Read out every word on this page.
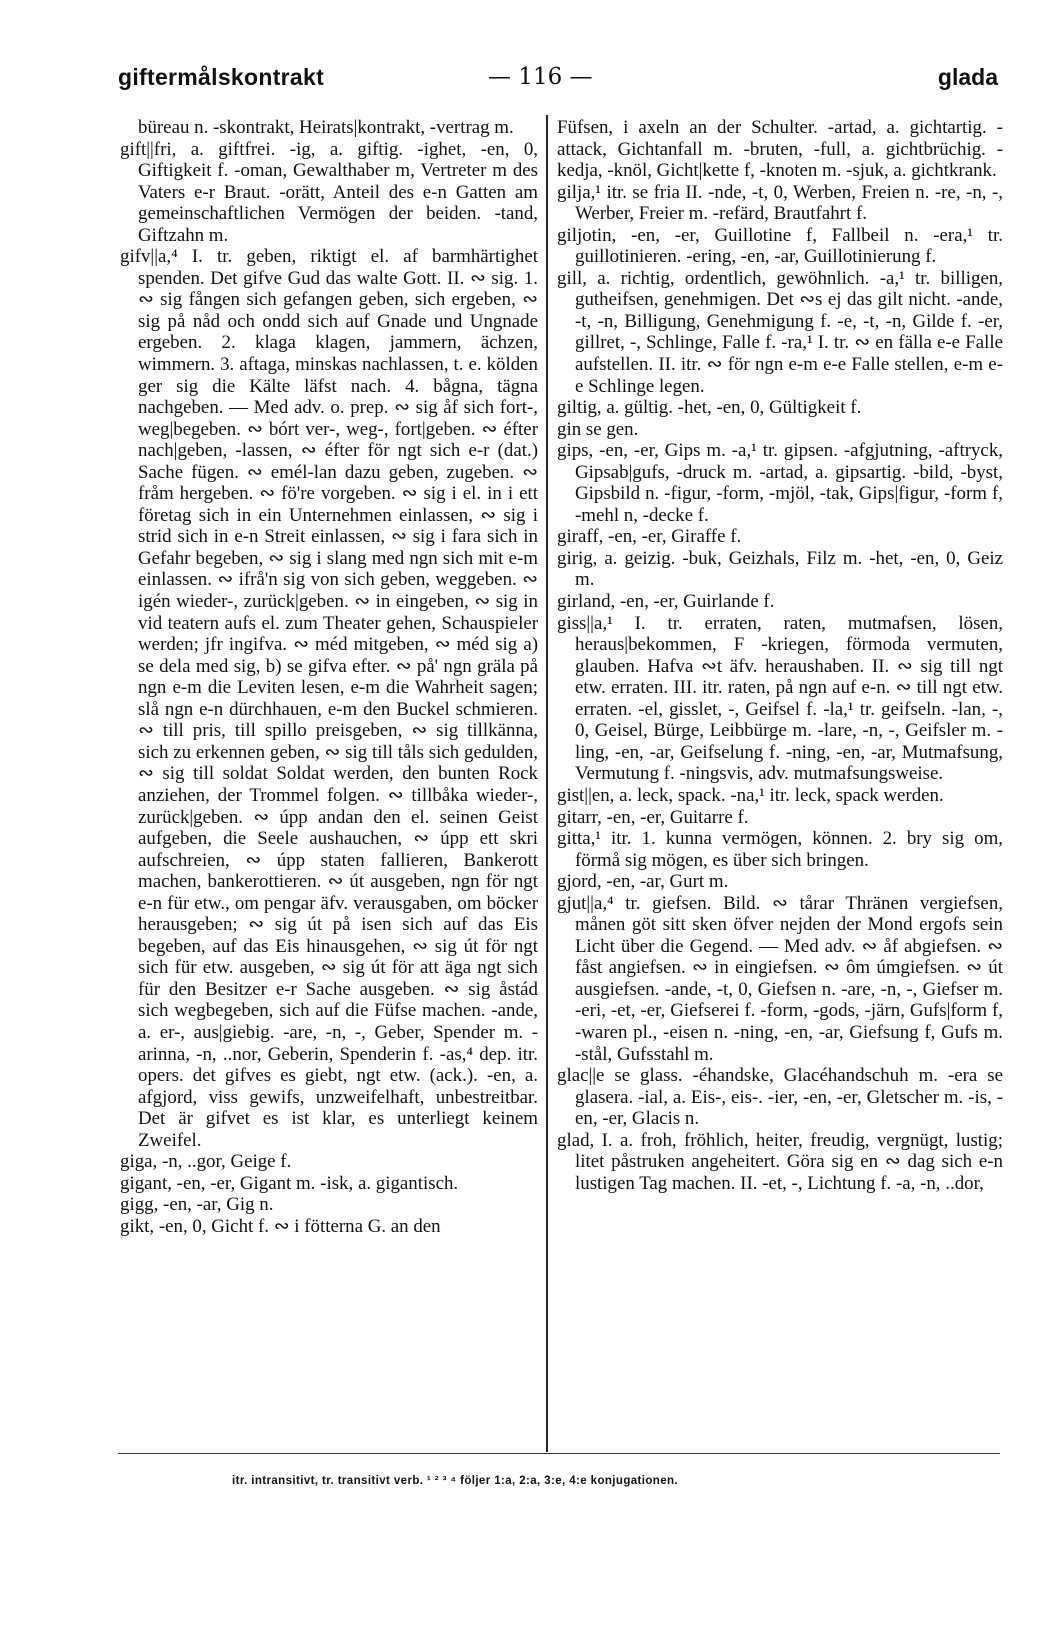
giftermålskontrakt	— 116 —	glada

büreau n. -skontrakt, Heirats|kontrakt, -vertrag m.

gift||fri, a. giftfrei. -ig, a. giftig. -ighet, -en, 0, Giftigkeit f. -oman, Gewalthaber m, Vertreter m des Vaters e-r Braut. -orätt, Anteil des e-n Gatten am gemeinschaftlichen Vermögen der beiden. -tand, Giftzahn m.

gifv||a,⁴ I. tr. geben, riktigt el. af barmhärtighet spenden. Det gifve Gud das walte Gott. II. ∾ sig. 1. ∾ sig fången sich gefangen geben, sich ergeben, ∾ sig på nåd och ondd sich auf Gnade und Ungnade ergeben. 2. klaga klagen, jammern, ächzen, wimmern. 3. aftaga, minskas nachlassen, t. e. kölden ger sig die Kälte läfst nach. 4. bågna, tägna nachgeben. — Med adv. o. prep. ∾ sig åf sich fort-, weg|begeben. ∾ bórt ver-, weg-, fort|geben. ∾ éfter nach|geben, -lassen, ∾ éfter för ngt sich e-r (dat.) Sache fügen. ∾ emél-lan dazu geben, zugeben. ∾ fråm hergeben. ∾ fö're vorgeben. ∾ sig i el. in i ett företag sich in ein Unternehmen einlassen, ∾ sig i strid sich in e-n Streit einlassen, ∾ sig i fara sich in Gefahr begeben, ∾ sig i slang med ngn sich mit e-m einlassen. ∾ ifrå'n sig von sich geben, weggeben. ∾ igén wieder-, zurück|geben. ∾ in eingeben, ∾ sig in vid teatern aufs el. zum Theater gehen, Schauspieler werden; jfr ingifva. ∾ méd mitgeben, ∾ méd sig a) se dela med sig, b) se gifva efter. ∾ på' ngn gräla på ngn e-m die Leviten lesen, e-m die Wahrheit sagen; slå ngn e-n dürchhauen, e-m den Buckel schmieren. ∾ till pris, till spillo preisgeben, ∾ sig tillkänna, sich zu erkennen geben, ∾ sig till tåls sich gedulden, ∾ sig till soldat Soldat werden, den bunten Rock anziehen, der Trommel folgen. ∾ tillbåka wieder-, zurück|geben. ∾ úpp andan den el. seinen Geist aufgeben, die Seele aushauchen, ∾ úpp ett skri aufschreien, ∾ úpp staten fallieren, Bankerott machen, bankerottieren. ∾ út ausgeben, ngn för ngt e-n für etw., om pengar äfv. verausgaben, om böcker herausgeben; ∾ sig út på isen sich auf das Eis begeben, auf das Eis hinausgehen, ∾ sig út för ngt sich für etw. ausgeben, ∾ sig út för att äga ngt sich für den Besitzer e-r Sache ausgeben. ∾ sig åstád sich wegbegeben, sich auf die Füfse machen. -ande, a. er-, aus|giebig. -are, -n, -, Geber, Spender m. -arinna, -n, ..nor, Geberin, Spenderin f. -as,⁴ dep. itr. opers. det gifves es giebt, ngt etw. (ack.). -en, a. afgjord, viss gewifs, unzweifelhaft, unbestreitbar. Det är gifvet es ist klar, es unterliegt keinem Zweifel.

giga, -n, ..gor, Geige f.

gigant, -en, -er, Gigant m. -isk, a. gigantisch.

gigg, -en, -ar, Gig n.

gikt, -en, 0, Gicht f. ∾ i fötterna G. an den

Füfsen, i axeln an der Schulter. -artad, a. gichtartig. -attack, Gichtanfall m. -bruten, -full, a. gichtbrüchig. -kedja, -knöl, Gicht|kette f, -knoten m. -sjuk, a. gichtkrank.

gilja,¹ itr. se fria II. -nde, -t, 0, Werben, Freien n. -re, -n, -, Werber, Freier m. -refärd, Brautfahrt f.

giljotin, -en, -er, Guillotine f, Fallbeil n. -era,¹ tr. guillotinieren. -ering, -en, -ar, Guillotinierung f.

gill, a. richtig, ordentlich, gewöhnlich. -a,¹ tr. billigen, gutheifsen, genehmigen. Det ∾s ej das gilt nicht. -ande, -t, -n, Billigung, Genehmigung f. -e, -t, -n, Gilde f. -er, gillret, -, Schlinge, Falle f. -ra,¹ I. tr. ∾ en fälla e-e Falle aufstellen. II. itr. ∾ för ngn e-m e-e Falle stellen, e-m e-e Schlinge legen.

giltig, a. gültig. -het, -en, 0, Gültigkeit f.

gin se gen.

gips, -en, -er, Gips m. -a,¹ tr. gipsen. -afgjutning, -aftryck, Gipsab|gufs, -druck m. -artad, a. gipsartig. -bild, -byst, Gipsbild n. -figur, -form, -mjöl, -tak, Gips|figur, -form f, -mehl n, -decke f.

giraff, -en, -er, Giraffe f.

girig, a. geizig. -buk, Geizhals, Filz m. -het, -en, 0, Geiz m.

girland, -en, -er, Guirlande f.

giss||a,¹ I. tr. erraten, raten, mutmafsen, lösen, heraus|bekommen, F -kriegen, förmoda vermuten, glauben. Hafva ∾t äfv. heraushaben. II. ∾ sig till ngt etw. erraten. III. itr. raten, på ngn auf e-n. ∾ till ngt etw. erraten. -el, gisslet, -, Geifsel f. -la,¹ tr. geifseln. -lan, -, 0, Geisel, Bürge, Leibbürge m. -lare, -n, -, Geifsler m. -ling, -en, -ar, Geifselung f. -ning, -en, -ar, Mutmafsung, Vermutung f. -ningsvis, adv. mutmafsungsweise.

gist||en, a. leck, spack. -na,¹ itr. leck, spack werden.

gitarr, -en, -er, Guitarre f.

gitta,¹ itr. 1. kunna vermögen, können. 2. bry sig om, förmå sig mögen, es über sich bringen.

gjord, -en, -ar, Gurt m.

gjut||a,⁴ tr. giefsen. Bild. ∾ tårar Thränen vergiefsen, månen göt sitt sken öfver nejden der Mond ergofs sein Licht über die Gegend. — Med adv. ∾ åf abgiefsen. ∾ fåst angiefsen. ∾ in eingiefsen. ∾ ôm úmgiefsen. ∾ út ausgiefsen. -ande, -t, 0, Giefsen n. -are, -n, -, Giefser m. -eri, -et, -er, Giefserei f. -form, -gods, -järn, Gufs|form f, -waren pl., -eisen n. -ning, -en, -ar, Giefsung f, Gufs m. -stål, Gufsstahl m.

glac||e se glass. -éhandske, Glacéhandschuh m. -era se glasera. -ial, a. Eis-, eis-. -ier, -en, -er, Gletscher m. -is, -en, -er, Glacis n.

glad, I. a. froh, fröhlich, heiter, freudig, vergnügt, lustig; litet påstruken angeheitert. Göra sig en ∾ dag sich e-n lustigen Tag machen. II. -et, -, Lichtung f. -a, -n, ..dor,

itr. intransitivt, tr. transitivt verb. ¹ ² ³ ⁴ följer 1:a, 2:a, 3:e, 4:e konjugationen.
